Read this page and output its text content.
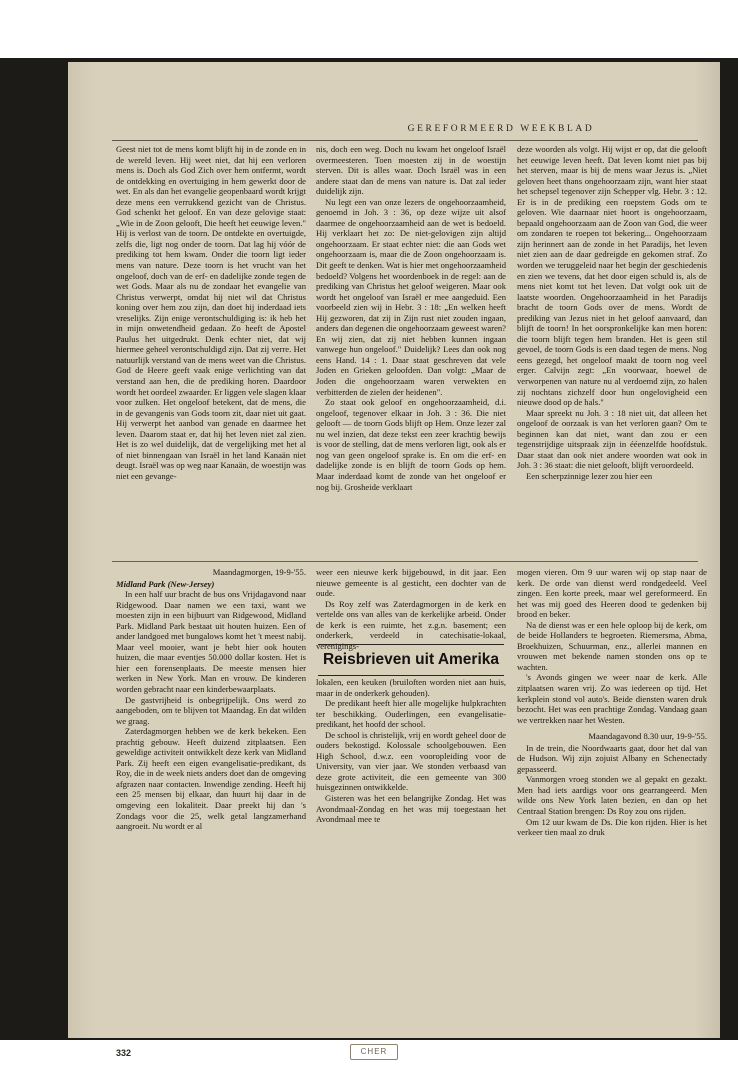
GEREFORMEERD WEEKBLAD

Geest niet tot de mens komt blijft hij in de zonde en in de wereld leven. Hij weet niet, dat hij een verloren mens is. Doch als God Zich over hem ontfermt, wordt de ontdekking en overtuiging in hem gewerkt door de wet. En als dan het evangelie geopenbaard wordt krijgt deze mens een verrukkend gezicht van de Christus. God schenkt het geloof. En van deze gelovige staat: „Wie in de Zoon gelooft, Die heeft het eeuwige leven." Hij is verlost van de toorn. De ontdekte en overtuigde, zelfs die, ligt nog onder de toorn. Dat lag hij vóór de prediking tot hem kwam. Onder die toorn ligt ieder mens van nature. Deze toorn is het vrucht van het ongeloof, doch van de erf- en dadelijke zonde tegen de wet Gods. Maar als nu de zondaar het evangelie van Christus verwerpt, omdat hij niet wil dat Christus koning over hem zou zijn, dan doet hij inderdaad iets vreselijks. Zijn enige verontschuldiging is: ik heb het in mijn onwetendheid gedaan. Zo heeft de Apostel Paulus het uitgedrukt. Denk echter niet, dat wij hiermee geheel verontschuldigd zijn. Dat zij verre. Het natuurlijk verstand van de mens weet van die Christus. God de Heere geeft vaak enige verlichting van dat verstand aan hen, die de prediking horen. Daardoor wordt het oordeel zwaarder. Er liggen vele slagen klaar voor zulken. Het ongeloof betekent, dat de mens, die in de gevangenis van Gods toorn zit, daar niet uit gaat. Hij verwerpt het aanbod van genade en daarmee het leven. Daarom staat er, dat hij het leven niet zal zien. Het is zo wel duidelijk, dat de vergelijking met het al of niet binnengaan van Israël in het land Kanaän niet deugt. Israël was op weg naar Kanaän, de woestijn was niet een gevange-

nis, doch een weg. Doch nu kwam het ongeloof Israël overmeesteren. Toen moesten zij in de woestijn sterven. Dit is alles waar. Doch Israël was in een andere staat dan de mens van nature is. Dat zal ieder duidelijk zijn.

Nu legt een van onze lezers de ongehoorzaamheid, genoemd in Joh. 3 : 36, op deze wijze uit alsof daarmee de ongehoorzaamheid aan de wet is bedoeld. Hij verklaart het zo: De niet-gelovigen zijn altijd ongehoorzaam. Er staat echter niet: die aan Gods wet ongehoorzaam is, maar die de Zoon ongehoorzaam is. Dit geeft te denken. Wat is hier met ongehoorzaamheid bedoeld? Volgens het woordenboek in de regel: aan de prediking van Christus het geloof weigeren. Maar ook wordt het ongeloof van Israël er mee aangeduid. Een voorbeeld zien wij in Hebr. 3 : 18: „En welken heeft Hij gezworen, dat zij in Zijn rust niet zouden ingaan, anders dan degenen die ongehoorzaam geweest waren? En wij zien, dat zij niet hebben kunnen ingaan vanwege hun ongeloof." Duidelijk? Lees dan ook nog eens Hand. 14 : 1. Daar staat geschreven dat vele Joden en Grieken geloofden. Dan volgt: „Maar de Joden die ongehoorzaam waren verwekten en verbitterden de zielen der heidenen".

Zo staat ook geloof en ongehoorzaamheid, d.i. ongeloof, tegenover elkaar in Joh. 3 : 36. Die niet gelooft — de toorn Gods blijft op Hem. Onze lezer zal nu wel inzien, dat deze tekst een zeer krachtig bewijs is voor de stelling, dat de mens verloren ligt, ook als er nog van geen ongeloof sprake is. En om die erf- en dadelijke zonde is en blijft de toorn Gods op hem. Maar inderdaad komt de zonde van het ongeloof er nog bij. Grosheide verklaart

deze woorden als volgt. Hij wijst er op, dat die gelooft het eeuwige leven heeft. Dat leven komt niet pas bij het sterven, maar is bij de mens waar Jezus is. „Niet geloven heet thans ongehoorzaam zijn, want hier staat het schepsel tegenover zijn Schepper vlg. Hebr. 3 : 12. Er is in de prediking een roepstem Gods om te geloven. Wie daarnaar niet hoort is ongehoorzaam, bepaald ongehoorzaam aan de Zoon van God, die weer om zondaren te roepen tot bekering... Ongehoorzaam zijn herinnert aan de zonde in het Paradijs, het leven niet zien aan de daar gedreigde en gekomen straf. Zo worden we teruggeleid naar het begin der geschiedenis en zien we tevens, dat het door eigen schuld is, als de mens niet komt tot het leven. Dat volgt ook uit de laatste woorden. Ongehoorzaamheid in het Paradijs bracht de toorn Gods over de mens. Wordt de prediking van Jezus niet in het geloof aanvaard, dan blijft de toorn! In het oorspronkelijke kan men horen: die toorn blijft tegen hem branden. Het is geen stil gevoel, de toorn Gods is een daad tegen de mens. Nog eens gezegd, het ongeloof maakt de toorn nog veel erger. Calvijn zegt: „En voorwaar, hoewel de verworpenen van nature nu al verdoemd zijn, zo halen zij nochtans zichzelf door hun ongelovigheid een nieuwe dood op de hals."

Maar spreekt nu Joh. 3 : 18 niet uit, dat alleen het ongeloof de oorzaak is van het verloren gaan? Om te beginnen kan dat niet, want dan zou er een tegenstrijdige uitspraak zijn in ééenzelfde hoofdstuk. Daar staat dan ook niet andere woorden wat ook in Joh. 3 : 36 staat: die niet gelooft, blijft veroordeeld.

Een scherpzinnige lezer zou hier een

Maandagmorgen, 19-9-'55.

Midland Park (New-Jersey)

In een half uur bracht de bus ons Vrijdagavond naar Ridgewood. Daar namen we een taxi, want we moesten zijn in een bijbuurt van Ridgewood, Midland Park. Midland Park bestaat uit houten huizen. Een of ander landgoed met bungalows komt het 't meest nabij. Maar veel mooier, want je hebt hier ook houten huizen, die maar eventjes 50.000 dollar kosten. Het is hier een forensenplaats. De meeste mensen hier werken in New York. Man en vrouw. De kinderen worden gebracht naar een kinderbewaarplaats.

De gastvrijheid is onbegrijpelijk. Ons werd zo aangeboden, om te blijven tot Maandag. En dat wilden we graag.

Zaterdagmorgen hebben we de kerk bekeken. Een prachtig gebouw. Heeft duizend zitplaatsen. Een geweldige activiteit ontwikkelt deze kerk van Midland Park. Zij heeft een eigen evangelisatie-predikant, ds Roy, die in de week niets anders doet dan de omgeving afgrazen naar contacten. Inwendige zending. Heeft hij een 25 mensen bij elkaar, dan huurt hij daar in de omgeving een lokaliteit. Daar preekt hij dan 's Zondags voor die 25, welk getal langzamerhand aangroeit. Nu wordt er al

weer een nieuwe kerk bijgebouwd, in dit jaar. Een nieuwe gemeente is al gesticht, een dochter van de oude.

Ds Roy zelf was Zaterdagmorgen in de kerk en vertelde ons van alles van de kerkelijke arbeid. Onder de kerk is een ruimte, het z.g.n. basement; een onderkerk, verdeeld in catechisatie-lokaal, verenigings-

Reisbrieven uit Amerika

lokalen, een keuken (bruiloften worden niet aan huis, maar in de onderkerk gehouden).

De predikant heeft hier alle mogelijke hulpkrachten ter beschikking. Ouderlingen, een evangelisatie-predikant, het hoofd der school.

De school is christelijk, vrij en wordt geheel door de ouders bekostigd. Kolossale schoolgebouwen. Een High School, d.w.z. een vooropleiding voor de University, van vier jaar. We stonden verbaasd van deze grote activiteit, die een gemeente van 300 huisgezinnen ontwikkelde.

Gisteren was het een belangrijke Zondag. Het was Avondmaal-Zondag en het was mij toegestaan het Avondmaal mee te

mogen vieren. Om 9 uur waren wij op stap naar de kerk. De orde van dienst werd rondgedeeld. Veel zingen. Een korte preek, maar wel gereformeerd. En het was mij goed des Heeren dood te gedenken bij brood en beker.

Na de dienst was er een hele oploop bij de kerk, om de beide Hollanders te begroeten. Riemersma, Abma, Broekhuizen, Schuurman, enz., allerlei mannen en vrouwen met bekende namen stonden ons op te wachten.

's Avonds gingen we weer naar de kerk. Alle zitplaatsen waren vrij. Zo was iedereen op tijd. Het kerkplein stond vol auto's. Beide diensten waren druk bezocht. Het was een prachtige Zondag. Vandaag gaan we vertrekken naar het Westen.

Maandagavond 8.30 uur, 19-9-'55.

In de trein, die Noordwaarts gaat, door het dal van de Hudson. Wij zijn zojuist Albany en Schenectady gepasseerd.

Vanmorgen vroeg stonden we al gepakt en gezakt. Men had iets aardigs voor ons gearrangeerd. Men wilde ons New York laten bezien, en dan op het Centraal Station brengen: Ds Roy zou ons rijden.

Om 12 uur kwam de Ds. Die kon rijden. Hier is het verkeer tien maal zo druk

332	CHER
